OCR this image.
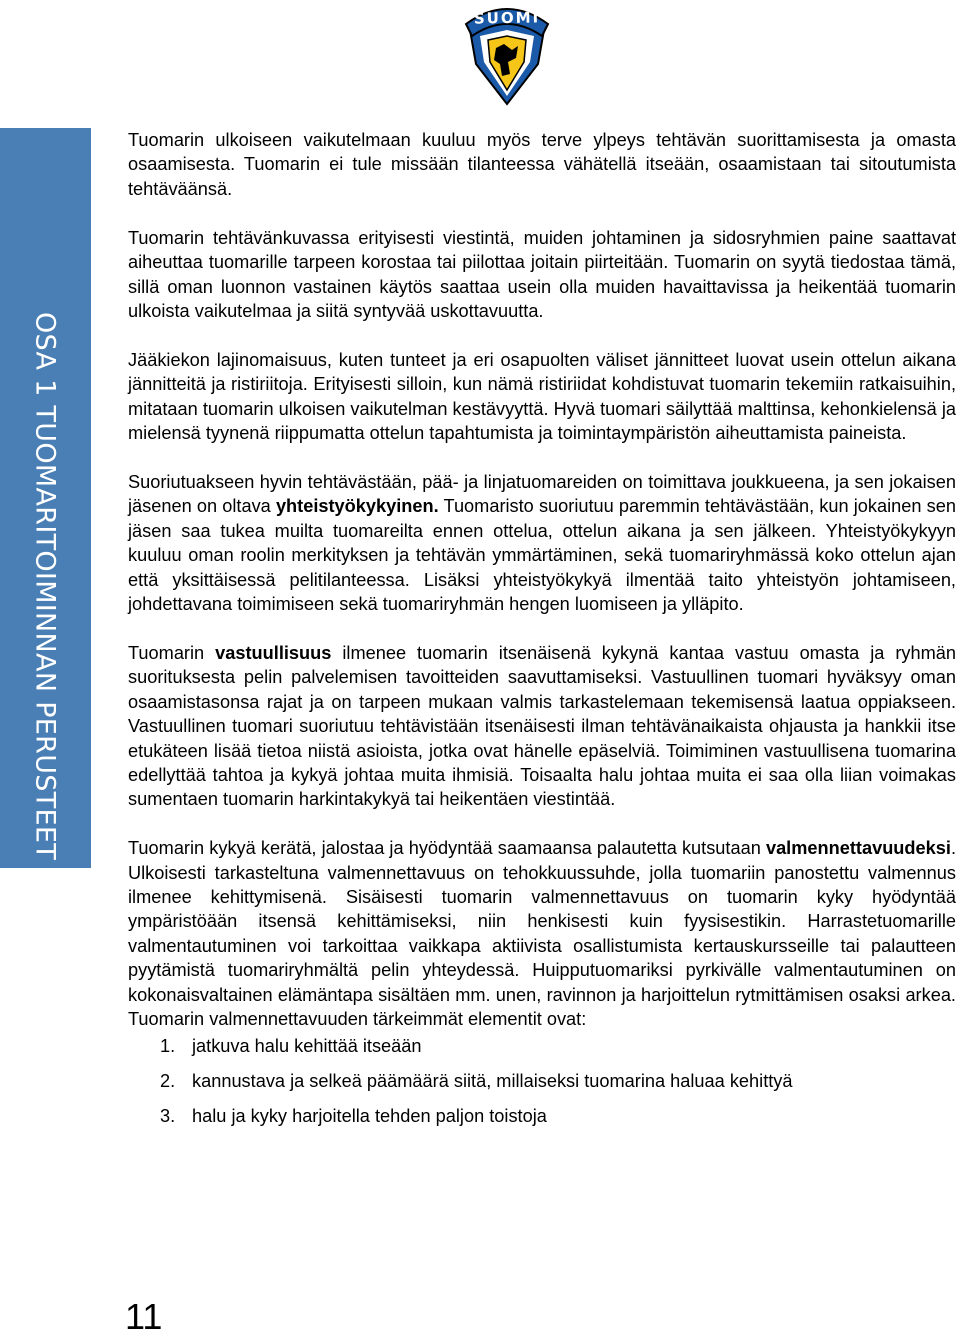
SUOMI
OSA 1 TUOMARITOIMINNAN PERUSTEET

Tuomarin ulkoiseen vaikutelmaan kuuluu myös terve ylpeys tehtävän suorittamisesta ja omasta osaamisesta. Tuomarin ei tule missään tilanteessa vähätellä itseään, osaamistaan tai sitoutumista tehtäväänsä.

Tuomarin tehtävänkuvassa erityisesti viestintä, muiden johtaminen ja sidosryhmien paine saattavat aiheuttaa tuomarille tarpeen korostaa tai piilottaa joitain piirteitään. Tuomarin on syytä tiedostaa tämä, sillä oman luonnon vastainen käytös saattaa usein olla muiden havaittavissa ja heikentää tuomarin ulkoista vaikutelmaa ja siitä syntyvää uskottavuutta.

Jääkiekon lajinomaisuus, kuten tunteet ja eri osapuolten väliset jännitteet luovat usein ottelun aikana jännitteitä ja ristiriitoja. Erityisesti silloin, kun nämä ristiriidat kohdistuvat tuomarin tekemiin ratkaisuihin, mitataan tuomarin ulkoisen vaikutelman kestävyyttä. Hyvä tuomari säilyttää malttinsa, kehonkielensä ja mielensä tyynenä riippumatta ottelun tapahtumista ja toimintaympäristön aiheuttamista paineista.

Suoriutuakseen hyvin tehtävästään, pää- ja linjatuomareiden on toimittava joukkueena, ja sen jokaisen jäsenen on oltava yhteistyökykyinen. Tuomaristo suoriutuu paremmin tehtävästään, kun jokainen sen jäsen saa tukea muilta tuomareilta ennen ottelua, ottelun aikana ja sen jälkeen. Yhteistyökykyyn kuuluu oman roolin merkityksen ja tehtävän ymmärtäminen, sekä tuomariryhmässä koko ottelun ajan että yksittäisessä pelitilanteessa. Lisäksi yhteistyökykyä ilmentää taito yhteistyön johtamiseen, johdettavana toimimiseen sekä tuomariryhmän hengen luomiseen ja ylläpito.

Tuomarin vastuullisuus ilmenee tuomarin itsenäisenä kykynä kantaa vastuu omasta ja ryhmän suorituksesta pelin palvelemisen tavoitteiden saavuttamiseksi. Vastuullinen tuomari hyväksyy oman osaamistasonsa rajat ja on tarpeen mukaan valmis tarkastelemaan tekemisensä laatua oppiakseen. Vastuullinen tuomari suoriutuu tehtävistään itsenäisesti ilman tehtävänaikaista ohjausta ja hankkii itse etukäteen lisää tietoa niistä asioista, jotka ovat hänelle epäselviä. Toimiminen vastuullisena tuomarina edellyttää tahtoa ja kykyä johtaa muita ihmisiä. Toisaalta halu johtaa muita ei saa olla liian voimakas sumentaen tuomarin harkintakykyä tai heikentäen viestintää.

Tuomarin kykyä kerätä, jalostaa ja hyödyntää saamaansa palautetta kutsutaan valmennettavuudeksi. Ulkoisesti tarkasteltuna valmennettavuus on tehokkuussuhde, jolla tuomariin panostettu valmennus ilmenee kehittymisenä. Sisäisesti tuomarin valmennettavuus on tuomarin kyky hyödyntää ympäristöään itsensä kehittämiseksi, niin henkisesti kuin fyysisestikin. Harrastetuomarille valmentautuminen voi tarkoittaa vaikkapa aktiivista osallistumista kertauskursseille tai palautteen pyytämistä tuomariryhmältä pelin yhteydessä. Huipputuomariksi pyrkivälle valmentautuminen on kokonaisvaltainen elämäntapa sisältäen mm. unen, ravinnon ja harjoittelun rytmittämisen osaksi arkea. Tuomarin valmennettavuuden tärkeimmät elementit ovat:

1. jatkuva halu kehittää itseään
2. kannustava ja selkeä päämäärä siitä, millaiseksi tuomarina haluaa kehittyä
3. halu ja kyky harjoitella tehden paljon toistoja
11
